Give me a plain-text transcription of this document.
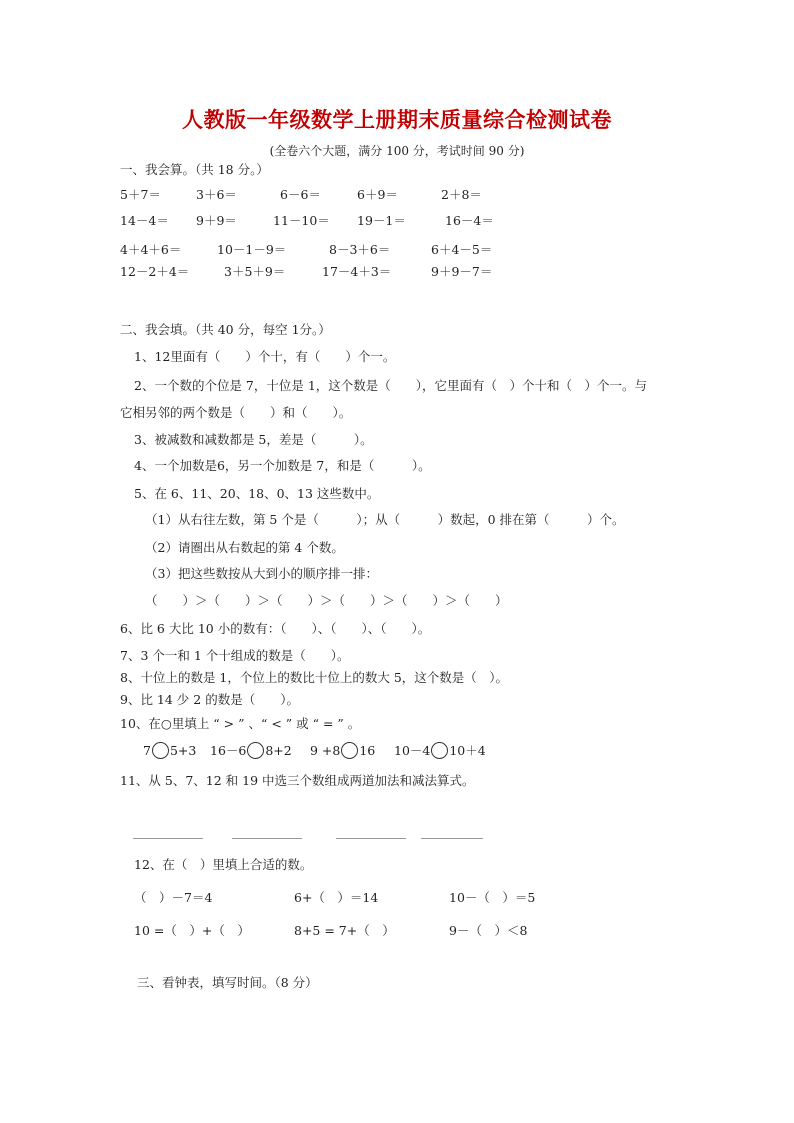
人教版一年级数学上册期末质量综合检测试卷
(全卷六个大题，满分 100 分，考试时间 90 分)
一、我会算。（共 18 分。）
5＋7＝	3＋6＝	6－6＝	6＋9＝	2＋8＝
14－4＝ 9＋9＝	11－10＝ 19－1＝	16－4＝
4＋4＋6＝	10－1－9＝	8－3＋6＝	6＋4－5＝
12－2＋4＝	3＋5＋9＝	17－4＋3＝	9＋9－7＝
二、我会填。（共 40 分，每空 1分。）
1、12里面有（　　）个十，有（　　）个一。
2、一个数的个位是 7，十位是 1，这个数是（　　），它里面有（　）个十和（　）个一。与
它相另邻的两个数是（　　）和（　　）。
3、被减数和减数都是 5，差是（　　　）。
4、一个加数是6，另一个加数是 7，和是（　　　）。
5、在 6、11、20、18、0、13 这些数中。
（1）从右往左数，第 5 个是（　　　）；从（　　　）数起，0 排在第（　　　）个。
（2）请圈出从右数起的第 4 个数。
（3）把这些数按从大到小的顺序排一排：
（　　）＞（　　）＞（　　）＞（　　）＞（　　）＞（　　）
6、比 6 大比 10 小的数有：（　　）、（　　）、（　　）。
7、3 个一和 1 个十组成的数是（　　）。
8、十位上的数是 1，个位上的数比十位上的数大 5，这个数是（　）。
9、比 14 少 2 的数是（　　）。
10、在○里填上 “ > ” 、“ < ” 或 “ = ” 。
7 5+3 16－6 8+2 9 +8 16 10－4 10＋4
11、从 5、7、12 和 19 中选三个数组成两道加法和减法算式。
12、在（　）里填上合适的数。
（　）－7＝4	6+（　）＝14	10－（　）＝5
10 =（　）+（　）	8+5 = 7+（　）	9－（　）＜8
三、看钟表，填写时间。（8 分）
